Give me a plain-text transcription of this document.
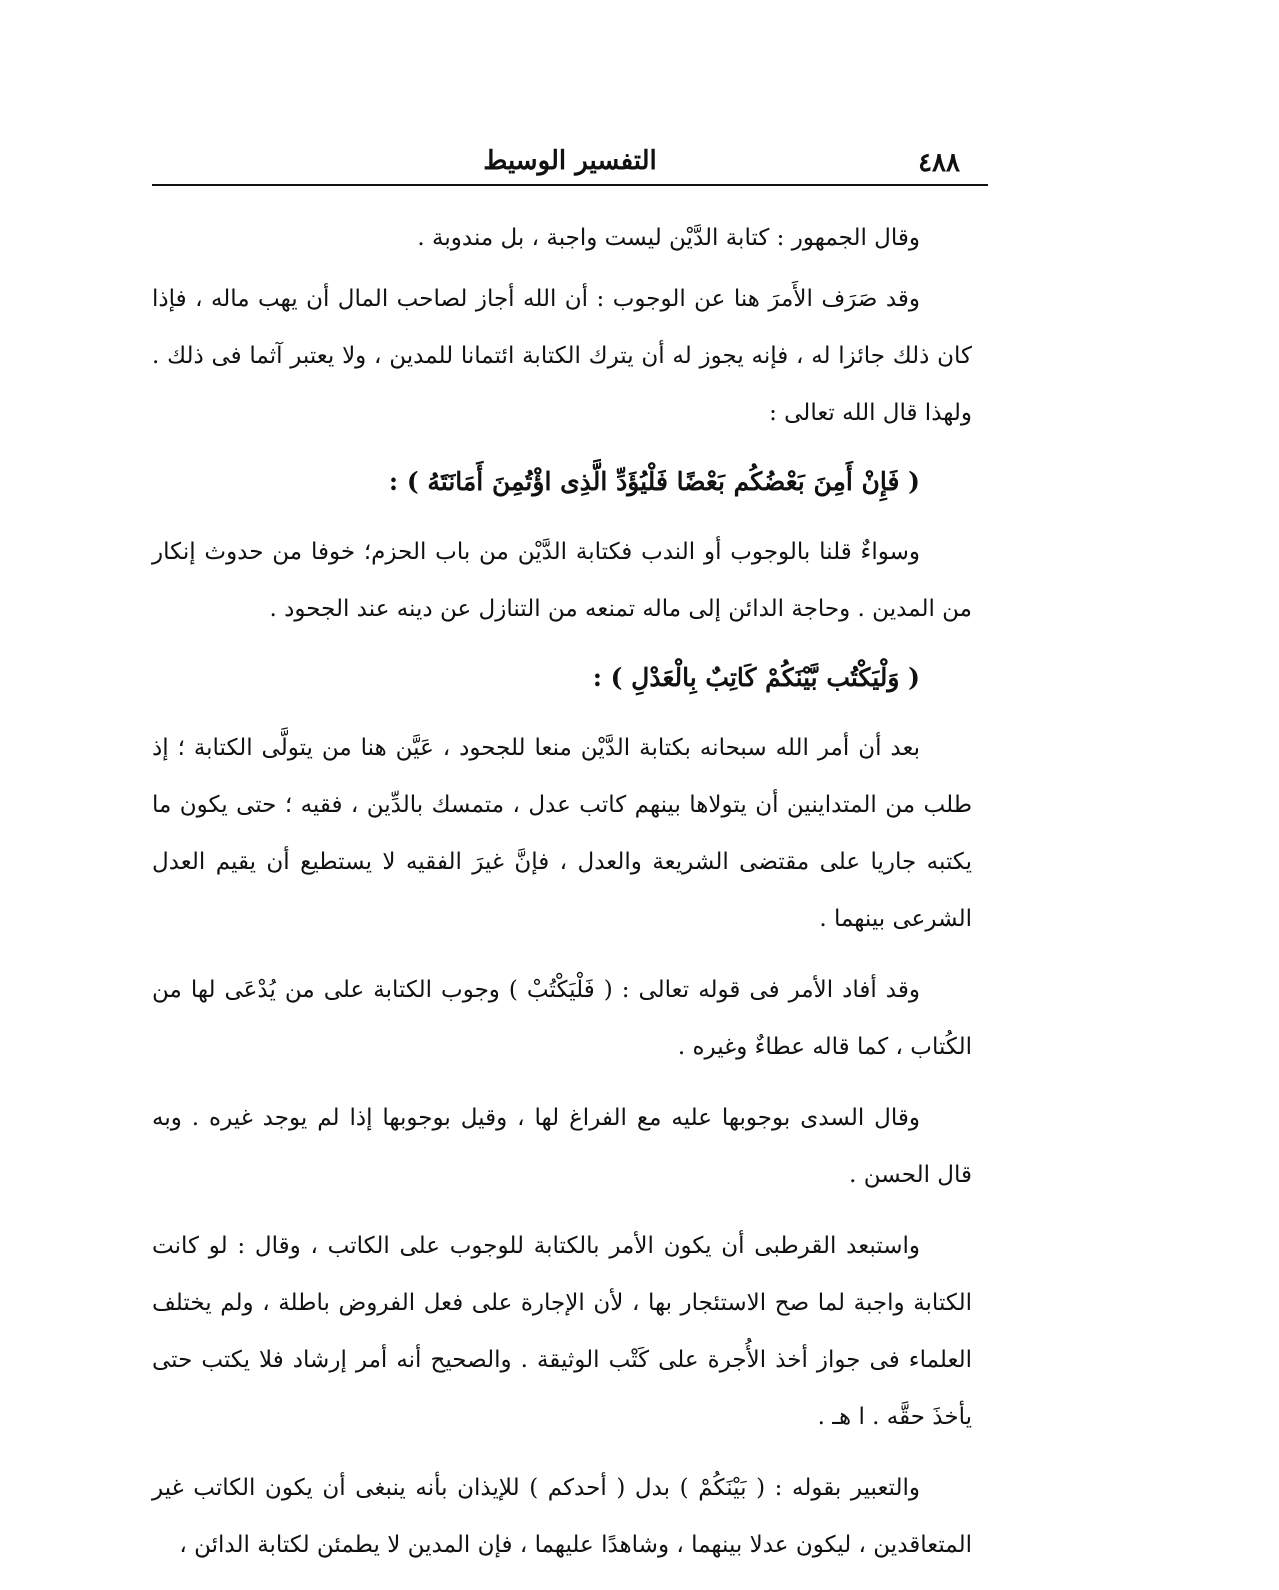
٤٨٨
التفسير الوسيط

وقال الجمهور : كتابة الدَّيْن ليست واجبة ، بل مندوبة .

وقد صَرَف الأَمرَ هنا عن الوجوب : أن الله أجاز لصاحب المال أن يهب ماله ، فإذا كان ذلك جائزا له ، فإنه يجوز له أن يترك الكتابة ائتمانا للمدين ، ولا يعتبر آثما فى ذلك . ولهذا قال الله تعالى :

( فَإِنْ أَمِنَ بَعْضُكُم بَعْضًا فَلْيُؤَدِّ الَّذِى اؤْتُمِنَ أَمَانَتَهُ ) :

وسواءٌ قلنا بالوجوب أو الندب فكتابة الدَّيْن من باب الحزم؛ خوفا من حدوث إنكار من المدين . وحاجة الدائن إلى ماله تمنعه من التنازل عن دينه عند الجحود .

( وَلْيَكْتُب بَّيْنَكُمْ كَاتِبٌ بِالْعَدْلِ ) :

بعد أن أمر الله سبحانه بكتابة الدَّيْن منعا للجحود ، عَيَّن هنا من يتولَّى الكتابة ؛ إذ طلب من المتداينين أن يتولاها بينهم كاتب عدل ، متمسك بالدِّين ، فقيه ؛ حتى يكون ما يكتبه جاريا على مقتضى الشريعة والعدل ، فإنَّ غيرَ الفقيه لا يستطيع أن يقيم العدل الشرعى بينهما .

وقد أفاد الأمر فى قوله تعالى : ( فَلْيَكْتُبْ ) وجوب الكتابة على من يُدْعَى لها من الكُتاب ، كما قاله عطاءٌ وغيره .

وقال السدى بوجوبها عليه مع الفراغ لها ، وقيل بوجوبها إذا لم يوجد غيره . وبه قال الحسن .

واستبعد القرطبى أن يكون الأمر بالكتابة للوجوب على الكاتب ، وقال : لو كانت الكتابة واجبة لما صح الاستئجار بها ، لأن الإجارة على فعل الفروض باطلة ، ولم يختلف العلماء فى جواز أخذ الأُجرة على كَتْب الوثيقة . والصحيح أنه أمر إرشاد فلا يكتب حتى يأخذَ حقَّه . ا هـ .

والتعبير بقوله : ( بَيْنَكُمْ ) بدل ( أحدكم ) للإيذان بأنه ينبغى أن يكون الكاتب غير المتعاقدين ، ليكون عدلا بينهما ، وشاهدًا عليهما ، فإن المدين لا يطمئن لكتابة الدائن ،
